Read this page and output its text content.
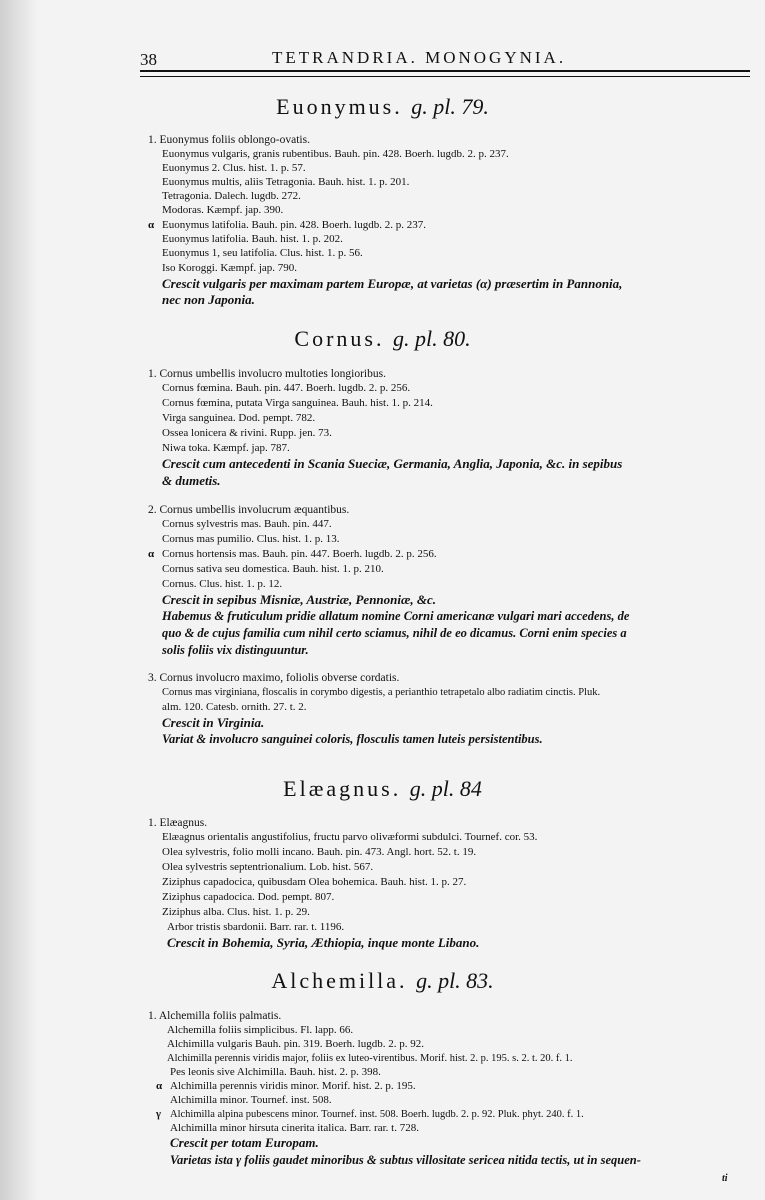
38	TETRANDRIA. MONOGYNIA.
Euonymus. g. pl. 79.
1. Euonymus foliis oblongo-ovatis.
Euonymus vulgaris, granis rubentibus. Bauh. pin. 428. Boerh. lugdb. 2. p. 237.
Euonymus 2. Clus. hist. 1. p. 57.
Euonymus multis, aliis Tetragonia. Bauh. hist. 1. p. 201.
Tetragonia. Dalech. lugdb. 272.
Modoras. Kæmpf. jap. 390.
α Euonymus latifolia. Bauh. pin. 428. Boerh. lugdb. 2. p. 237.
Euonymus latifolia. Bauh. hist. 1. p. 202.
Euonymus 1, seu latifolia. Clus. hist. 1. p. 56.
Iso Koroggi. Kæmpf. jap. 790.
Crescit vulgaris per maximam partem Europæ, at varietas (α) præsertim in Pannonia,
nec non Japonia.
Cornus. g. pl. 80.
1. Cornus umbellis involucro multoties longioribus.
Cornus fœmina. Bauh. pin. 447. Boerh. lugdb. 2. p. 256.
Cornus fœmina, putata Virga sanguinea. Bauh. hist. 1. p. 214.
Virga sanguinea. Dod. pempt. 782.
Ossea lonicera & rivini. Rupp. jen. 73.
Niwa toka. Kæmpf. jap. 787.
Crescit cum antecedenti in Scania Sueciæ, Germania, Anglia, Japonia, &c. in sepibus
& dumetis.
2. Cornus umbellis involucrum æquantibus.
Cornus sylvestris mas. Bauh. pin. 447.
Cornus mas pumilio. Clus. hist. 1. p. 13.
α Cornus hortensis mas. Bauh. pin. 447. Boerh. lugdb. 2. p. 256.
Cornus sativa seu domestica. Bauh. hist. 1. p. 210.
Cornus. Clus. hist. 1. p. 12.
Crescit in sepibus Misniæ, Austriæ, Pennoniæ, &c.
Habemus & fruticulum pridie allatum nomine Corni americanæ vulgari mari accedens, de
quo & de cujus familia cum nihil certo sciamus, nihil de eo dicamus. Corni enim species a
solis foliis vix distinguuntur.
3. Cornus involucro maximo, foliolis obverse cordatis.
Cornus mas virginiana, floscalis in corymbo digestis, a perianthio tetrapetalo albo radiatim cinctis. Pluk.
alm. 120. Catesb. ornith. 27. t. 2.
Crescit in Virginia.
Variat & involucro sanguinei coloris, flosculis tamen luteis persistentibus.
Elæagnus. g. pl. 84
1. Elæagnus.
Elæagnus orientalis angustifolius, fructu parvo olivæformi subdulci. Tournef. cor. 53.
Olea sylvestris, folio molli incano. Bauh. pin. 473. Angl. hort. 52. t. 19.
Olea sylvestris septentrionalium. Lob. hist. 567.
Ziziphus capadocica, quibusdam Olea bohemica. Bauh. hist. 1. p. 27.
Ziziphus capadocica. Dod. pempt. 807.
Ziziphus alba. Clus. hist. 1. p. 29.
Arbor tristis sbardonii. Barr. rar. t. 1196.
Crescit in Bohemia, Syria, Æthiopia, inque monte Libano.
Alchemilla. g. pl. 83.
1. Alchemilla foliis palmatis.
Alchemilla foliis simplicibus. Fl. lapp. 66.
Alchimilla vulgaris Bauh. pin. 319. Boerh. lugdb. 2. p. 92.
Alchimilla perennis viridis major, foliis ex luteo-virentibus. Morif. hist. 2. p. 195. s. 2. t. 20. f. 1.
Pes leonis sive Alchimilla. Bauh. hist. 2. p. 398.
α Alchimilla perennis viridis minor. Morif. hist. 2. p. 195.
Alchimilla minor. Tournef. inst. 508.
γ Alchimilla alpina pubescens minor. Tournef. inst. 508. Boerh. lugdb. 2. p. 92. Pluk. phyt. 240. f. 1.
Alchimilla minor hirsuta cinerita italica. Barr. rar. t. 728.
Crescit per totam Europam.
Varietas ista γ foliis gaudet minoribus & subtus villositate sericea nitida tectis, ut in sequen-
ti
